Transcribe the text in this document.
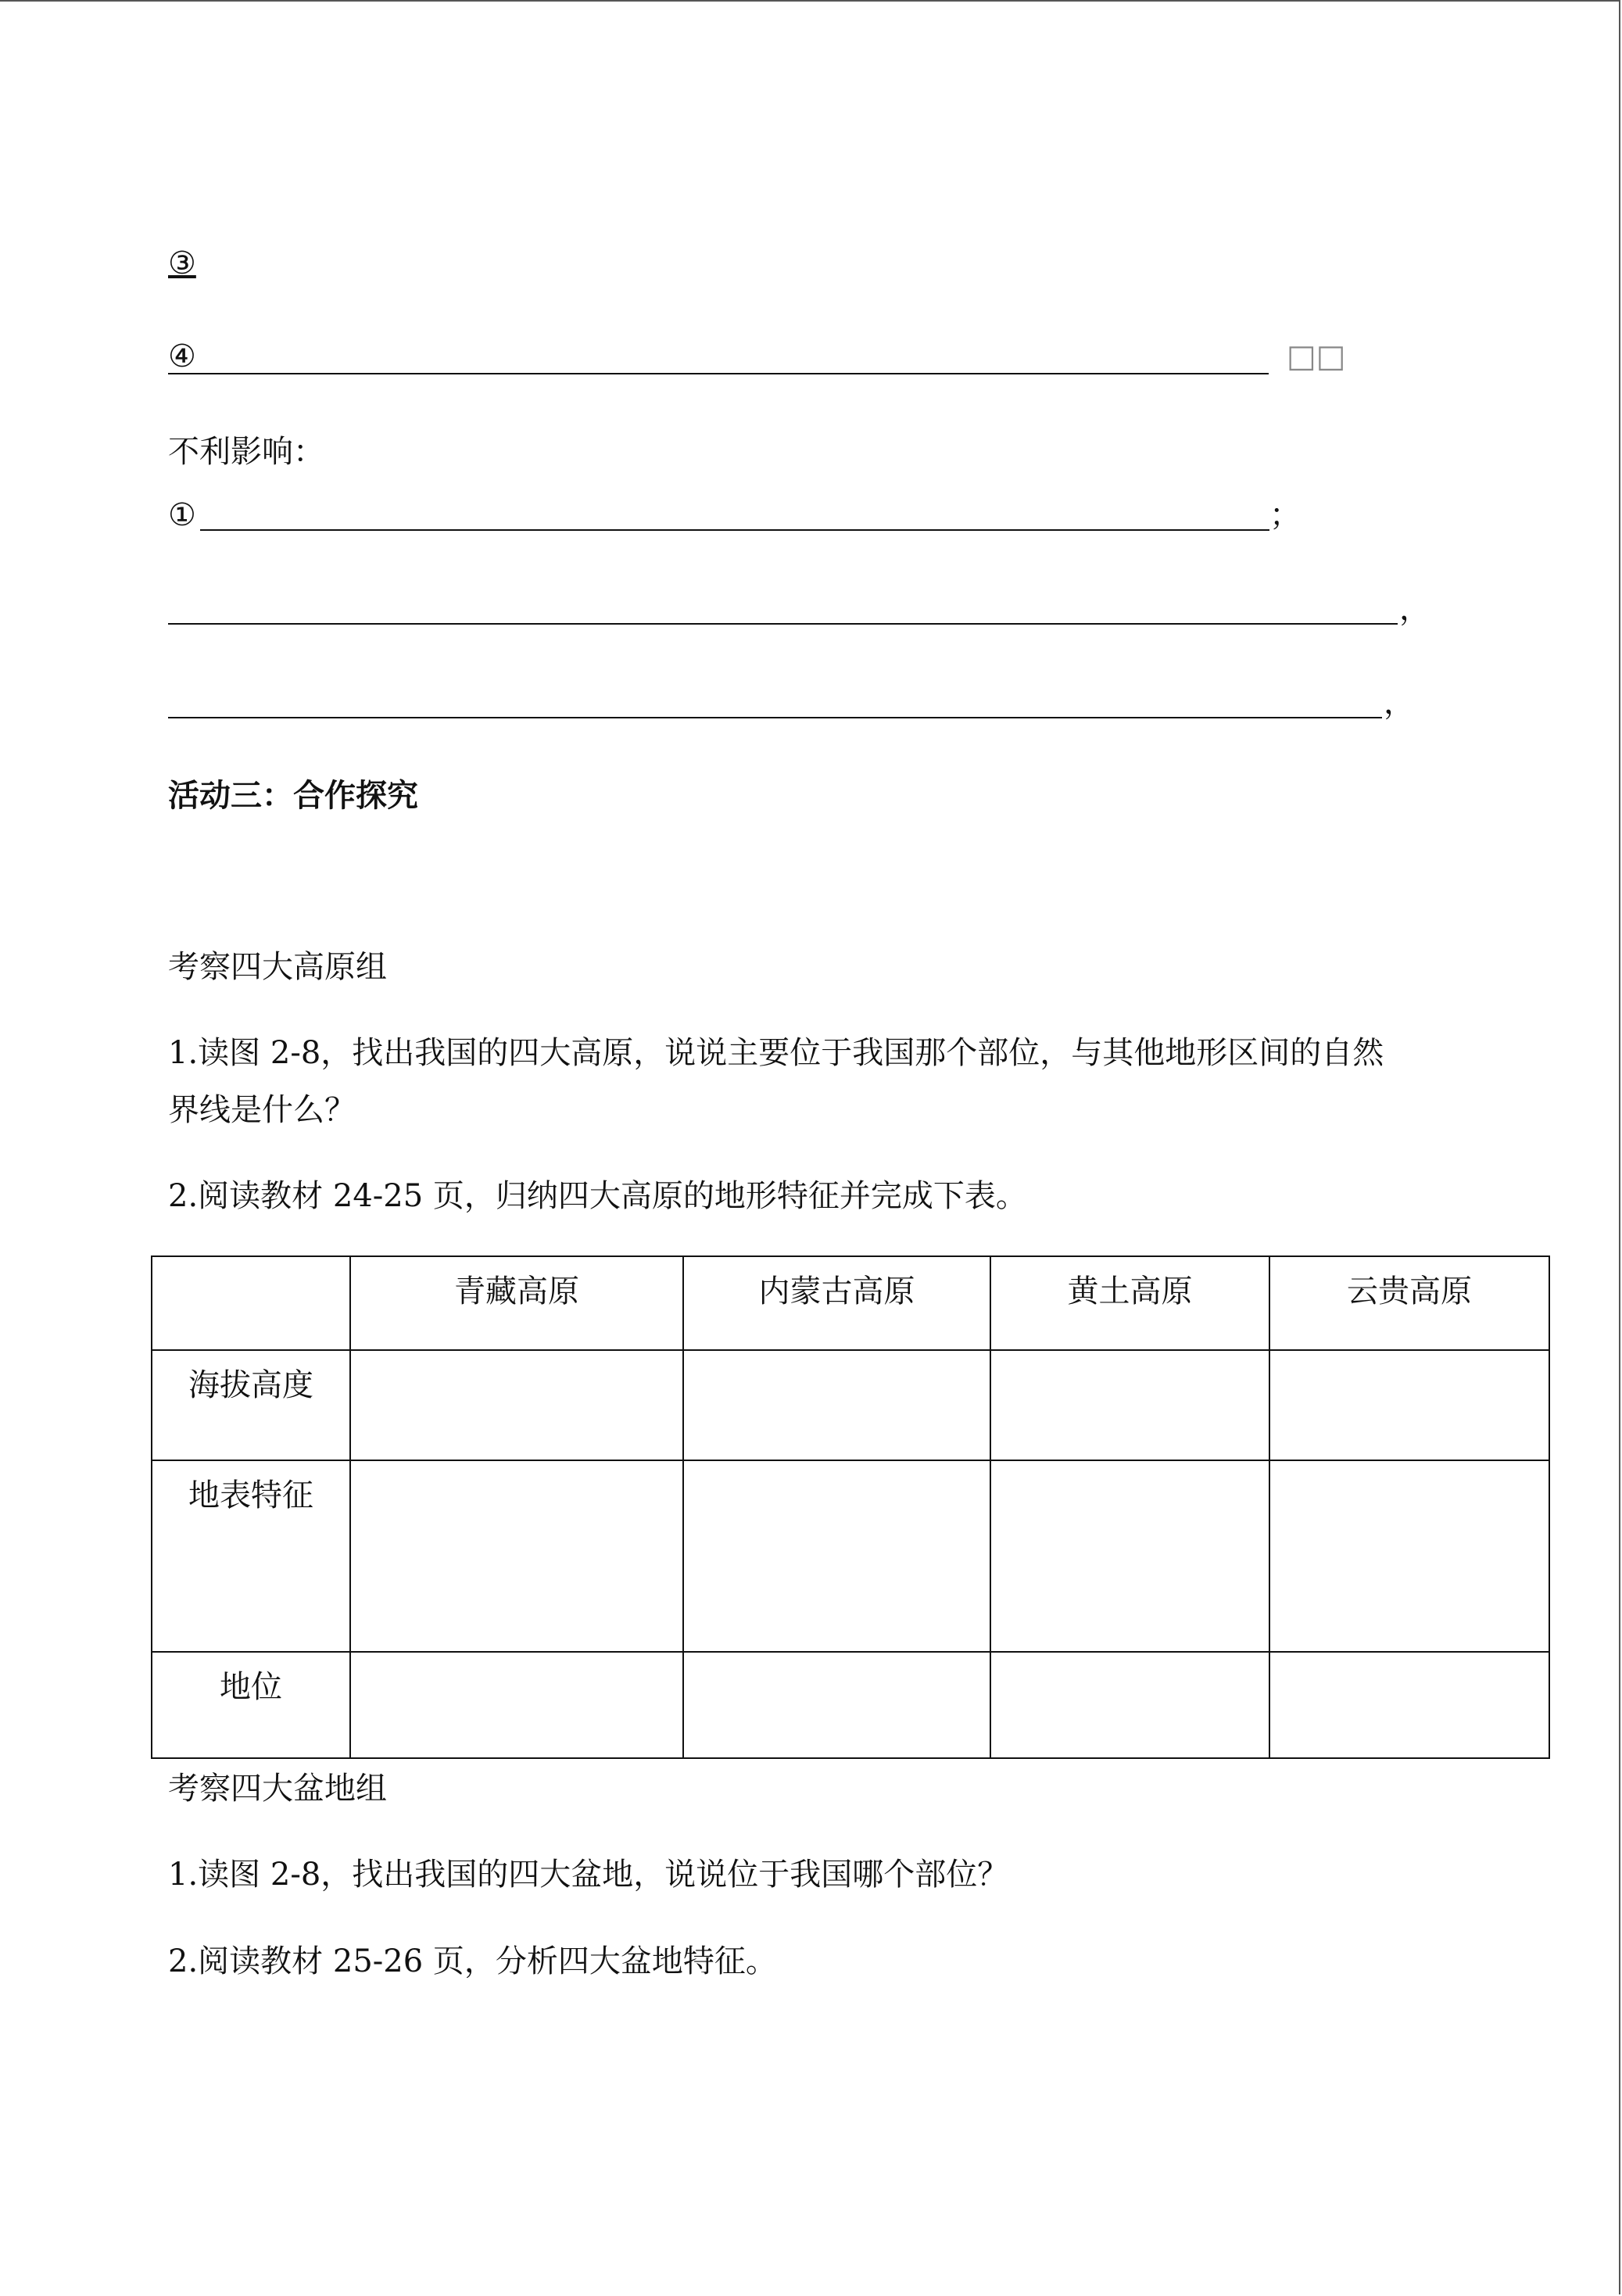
③
④	□□
不利影响：
①	；
，
，
活动三：合作探究
考察四大高原组
1.读图 2-8，找出我国的四大高原，说说主要位于我国那个部位，与其他地形区间的自然
界线是什么？
2.阅读教材 24-25 页，归纳四大高原的地形特征并完成下表。
	青藏高原	内蒙古高原	黄土高原	云贵高原
海拔高度				
地表特征				
地位				
考察四大盆地组
1.读图 2-8，找出我国的四大盆地，说说位于我国哪个部位？
2.阅读教材 25-26 页，分析四大盆地特征。
